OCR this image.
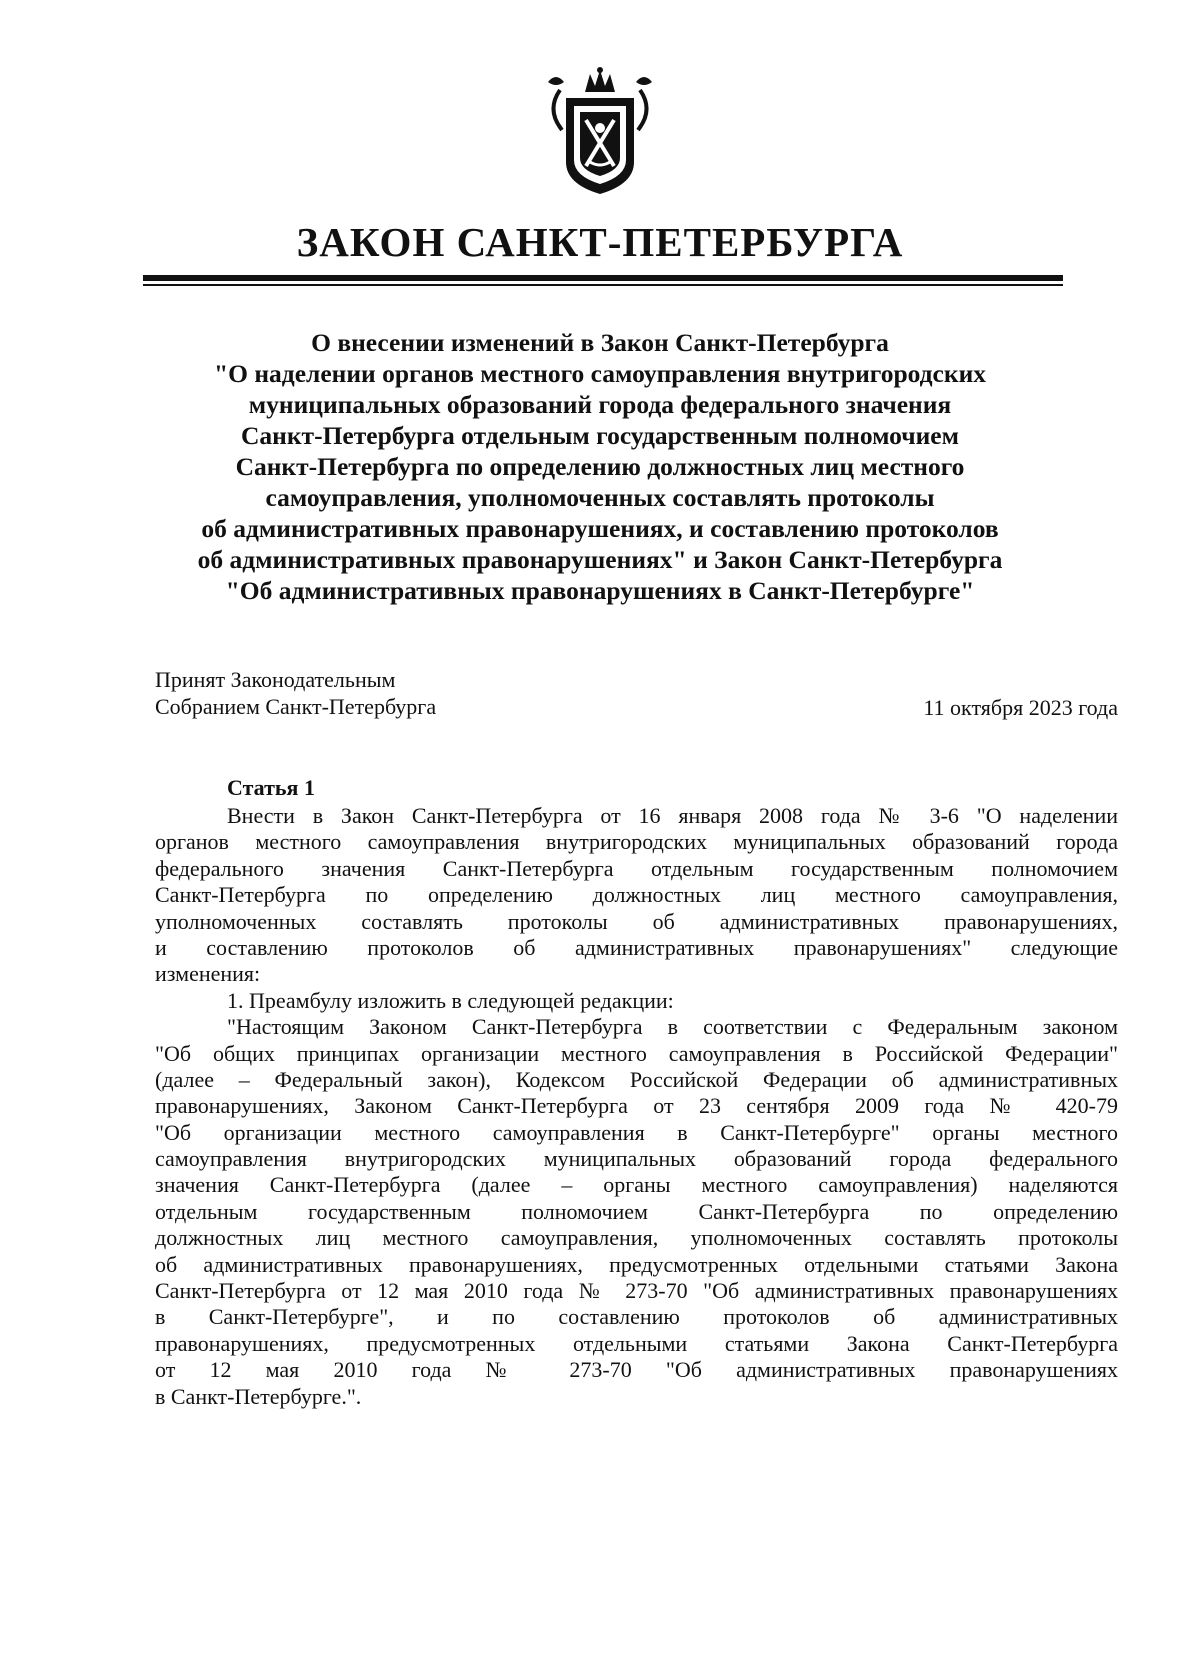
ЗАКОН САНКТ-ПЕТЕРБУРГА
О внесении изменений в Закон Санкт-Петербурга
"О наделении органов местного самоуправления внутригородских
муниципальных образований города федерального значения
Санкт-Петербурга отдельным государственным полномочием
Санкт-Петербурга по определению должностных лиц местного
самоуправления, уполномоченных составлять протоколы
об административных правонарушениях, и составлению протоколов
об административных правонарушениях" и Закон Санкт-Петербурга
"Об административных правонарушениях в Санкт-Петербурге"
Принят Законодательным
Собранием Санкт-Петербурга	11 октября 2023 года
Статья 1
Внести в Закон Санкт-Петербурга от 16 января 2008 года № 3-6 "О наделении
органов местного самоуправления внутригородских муниципальных образований города
федерального значения Санкт-Петербурга отдельным государственным полномочием
Санкт-Петербурга по определению должностных лиц местного самоуправления,
уполномоченных составлять протоколы об административных правонарушениях,
и составлению протоколов об административных правонарушениях" следующие
изменения:
1. Преамбулу изложить в следующей редакции:
"Настоящим Законом Санкт-Петербурга в соответствии с Федеральным законом
"Об общих принципах организации местного самоуправления в Российской Федерации"
(далее – Федеральный закон), Кодексом Российской Федерации об административных
правонарушениях, Законом Санкт-Петербурга от 23 сентября 2009 года № 420-79
"Об организации местного самоуправления в Санкт-Петербурге" органы местного
самоуправления внутригородских муниципальных образований города федерального
значения Санкт-Петербурга (далее – органы местного самоуправления) наделяются
отдельным государственным полномочием Санкт-Петербурга по определению
должностных лиц местного самоуправления, уполномоченных составлять протоколы
об административных правонарушениях, предусмотренных отдельными статьями Закона
Санкт-Петербурга от 12 мая 2010 года № 273-70 "Об административных правонарушениях
в Санкт-Петербурге", и по составлению протоколов об административных
правонарушениях, предусмотренных отдельными статьями Закона Санкт-Петербурга
от 12 мая 2010 года № 273-70 "Об административных правонарушениях
в Санкт-Петербурге.".
